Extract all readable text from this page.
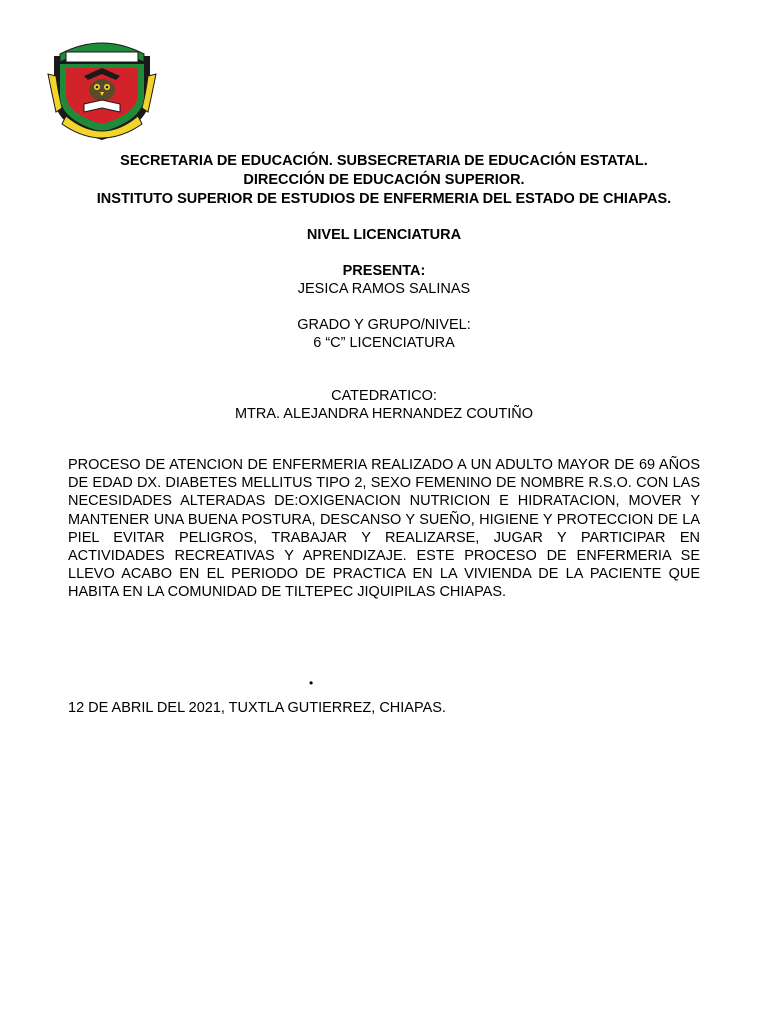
SECRETARIA DE EDUCACIÓN. SUBSECRETARIA DE EDUCACIÓN ESTATAL.
DIRECCIÓN DE EDUCACIÓN SUPERIOR.
INSTITUTO SUPERIOR DE ESTUDIOS DE ENFERMERIA DEL ESTADO DE CHIAPAS.
NIVEL LICENCIATURA
PRESENTA:
JESICA RAMOS SALINAS
GRADO Y GRUPO/NIVEL:
6 “C” LICENCIATURA
CATEDRATICO:
MTRA. ALEJANDRA HERNANDEZ COUTIÑO
PROCESO DE ATENCION DE ENFERMERIA REALIZADO A UN ADULTO MAYOR DE 69 AÑOS DE EDAD DX. DIABETES MELLITUS TIPO 2, SEXO FEMENINO DE NOMBRE R.S.O. CON LAS NECESIDADES ALTERADAS DE:OXIGENACION NUTRICION E HIDRATACION, MOVER Y MANTENER UNA BUENA POSTURA, DESCANSO Y SUEÑO, HIGIENE Y PROTECCION DE LA PIEL EVITAR PELIGROS, TRABAJAR Y REALIZARSE, JUGAR Y PARTICIPAR EN ACTIVIDADES RECREATIVAS Y APRENDIZAJE. ESTE PROCESO DE ENFERMERIA SE LLEVO ACABO EN EL PERIODO DE PRACTICA EN LA VIVIENDA DE LA PACIENTE QUE HABITA EN LA COMUNIDAD DE TILTEPEC JIQUIPILAS CHIAPAS.
•
12 DE ABRIL DEL 2021, TUXTLA GUTIERREZ, CHIAPAS.
